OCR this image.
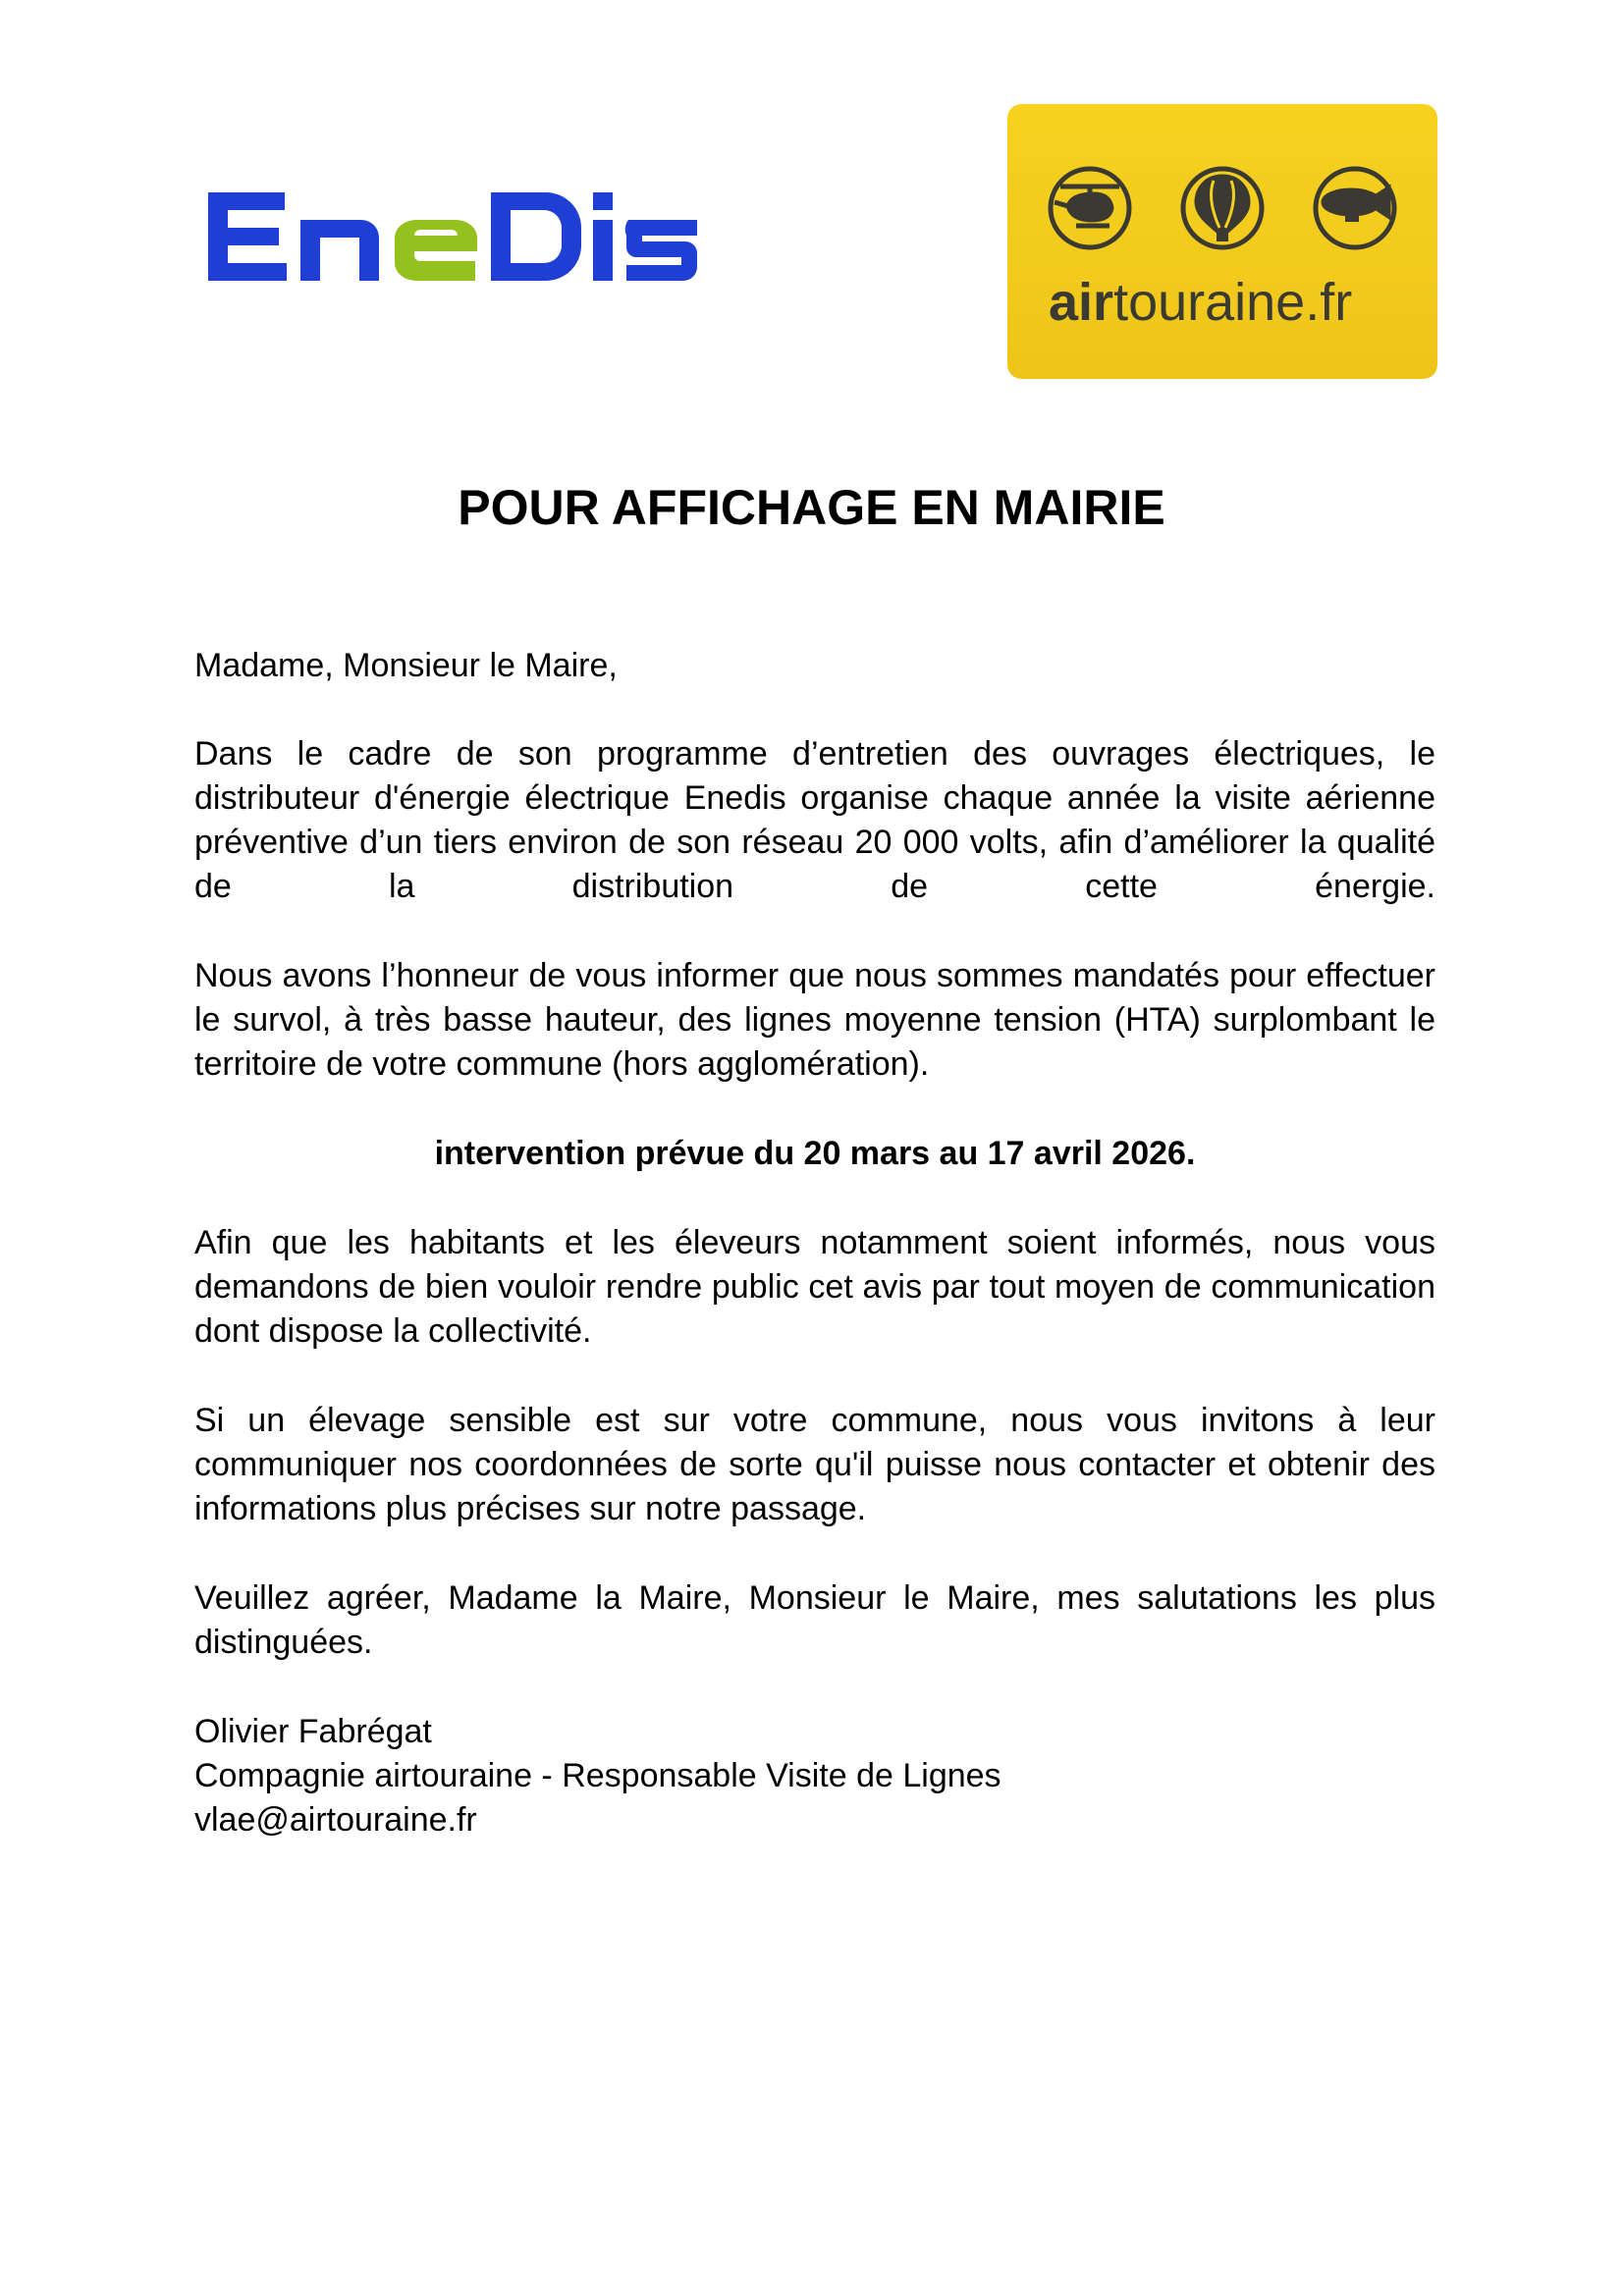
airtouraine.fr
POUR AFFICHAGE EN MAIRIE

Madame, Monsieur le Maire,

Dans le cadre de son programme d’entretien des ouvrages électriques, le distributeur d'énergie électrique Enedis organise chaque année la visite aérienne préventive d’un tiers environ de son réseau 20 000 volts, afin d’améliorer la qualité de la distribution de cette énergie.

Nous avons l’honneur de vous informer que nous sommes mandatés pour effectuer le survol, à très basse hauteur, des lignes moyenne tension (HTA) surplombant le territoire de votre commune (hors agglomération).

intervention prévue du 20 mars au 17 avril 2026.

Afin que les habitants et les éleveurs notamment soient informés, nous vous demandons de bien vouloir rendre public cet avis par tout moyen de communication dont dispose la collectivité.

Si un élevage sensible est sur votre commune, nous vous invitons à leur communiquer nos coordonnées de sorte qu'il puisse nous contacter et obtenir des informations plus précises sur notre passage.

Veuillez agréer, Madame la Maire, Monsieur le Maire, mes salutations les plus distinguées.

Olivier Fabrégat

Compagnie airtouraine - Responsable Visite de Lignes

vlae@airtouraine.fr
